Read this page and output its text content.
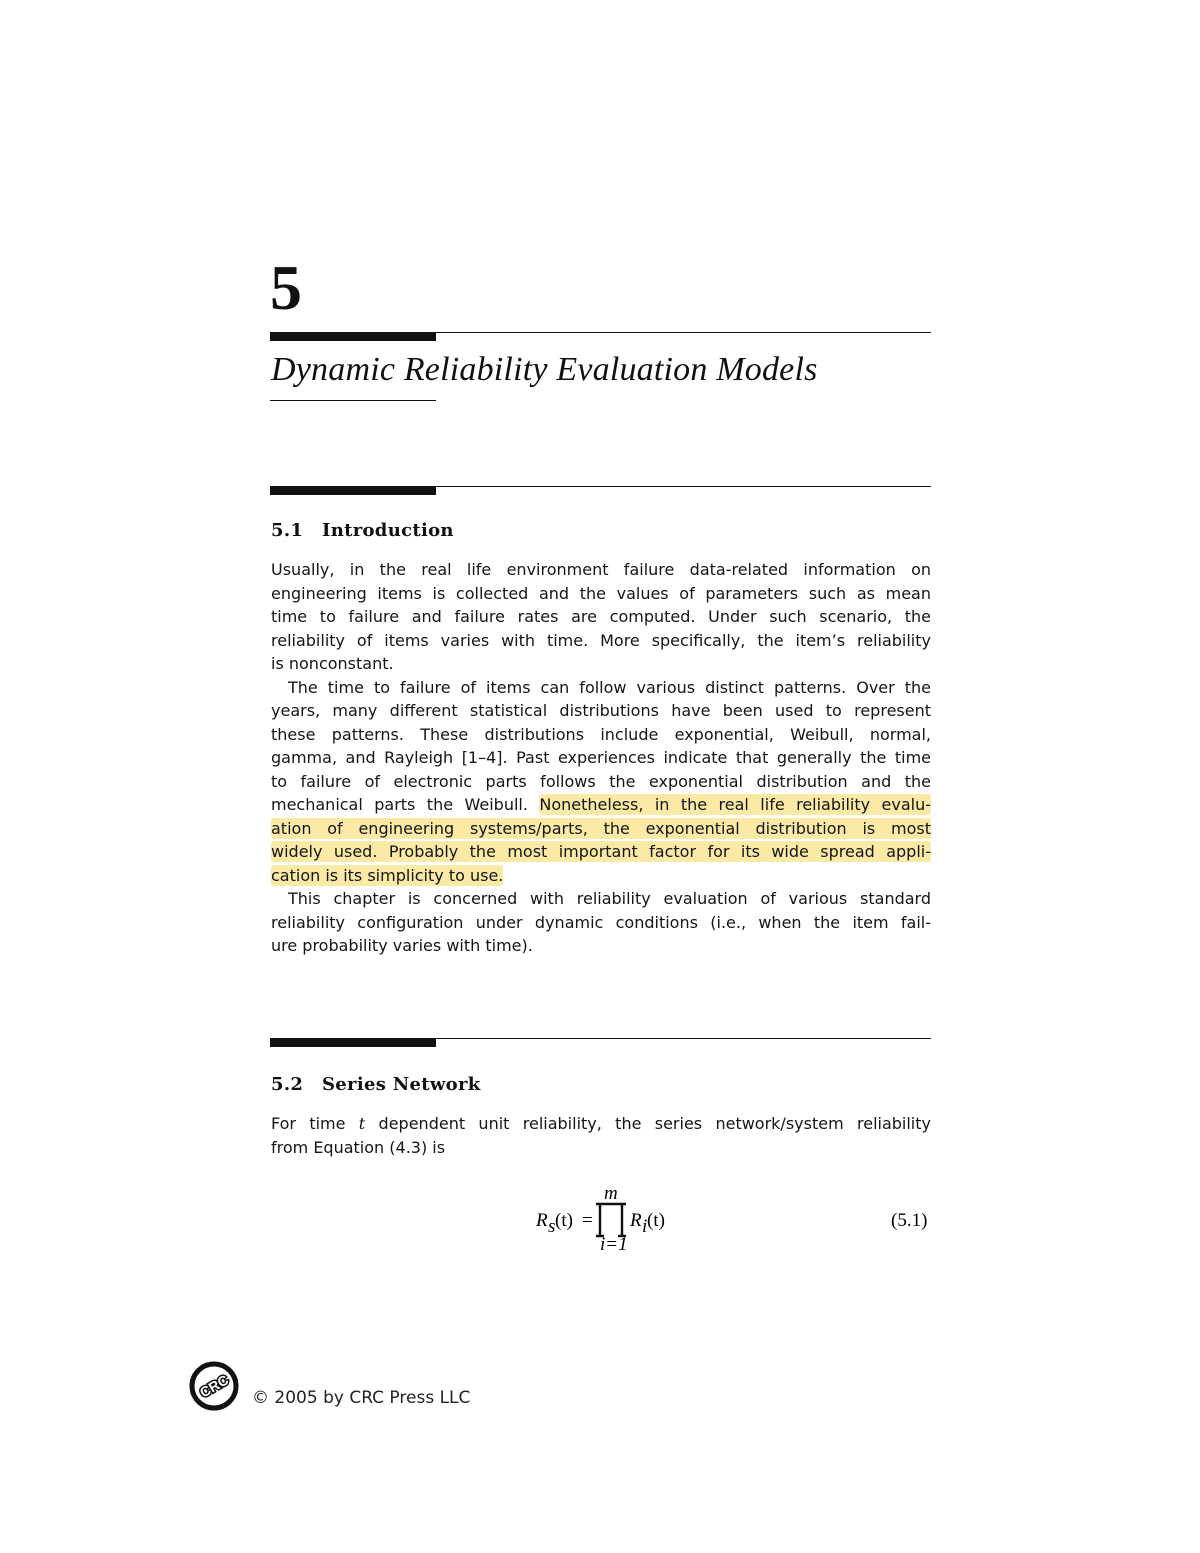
5
Dynamic Reliability Evaluation Models
5.1 Introduction
Usually, in the real life environment failure data-related information on
engineering items is collected and the values of parameters such as mean
time to failure and failure rates are computed. Under such scenario, the
reliability of items varies with time. More specifically, the item’s reliability
is nonconstant.
The time to failure of items can follow various distinct patterns. Over the
years, many different statistical distributions have been used to represent
these patterns. These distributions include exponential, Weibull, normal,
gamma, and Rayleigh [1–4]. Past experiences indicate that generally the time
to failure of electronic parts follows the exponential distribution and the
mechanical parts the Weibull. Nonetheless, in the real life reliability evalu-
ation of engineering systems/parts, the exponential distribution is most
widely used. Probably the most important factor for its wide spread appli-
cation is its simplicity to use.
This chapter is concerned with reliability evaluation of various standard
reliability configuration under dynamic conditions (i.e., when the item fail-
ure probability varies with time).
5.2 Series Network
For time t dependent unit reliability, the series network/system reliability
from Equation (4.3) is
R s (t) =
m
i=1
R i (t)	(5.1)
CRC © 2005 by CRC Press LLC
